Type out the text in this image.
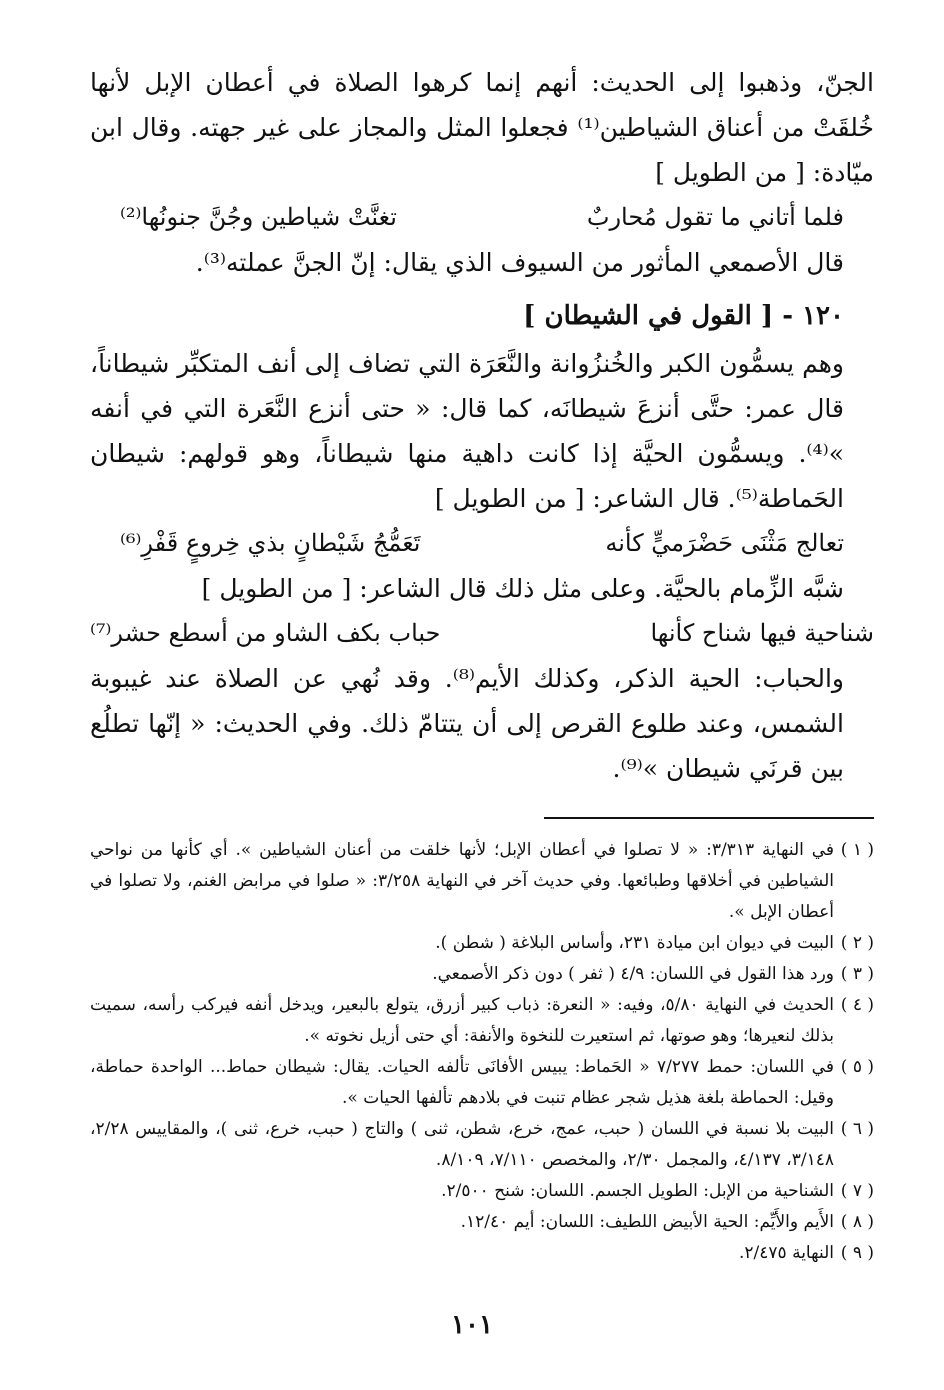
الجنّ، وذهبوا إلى الحديث: أنهم إنما كرهوا الصلاة في أعطان الإبل لأنها خُلقَتْ من أعناق الشياطين⁽¹⁾ فجعلوا المثل والمجاز على غير جهته. وقال ابن ميّادة: [ من الطويل ]

فلما أتاني ما تقول مُحاربٌ
تغنَّتْ شياطين وجُنَّ جنونُها⁽²⁾

قال الأصمعي المأثور من السيوف الذي يقال: إنّ الجنَّ عملته⁽³⁾.

١٢٠ - [ القول في الشيطان ]

وهم يسمُّون الكبر والخُنزُوانة والنَّعَرَة التي تضاف إلى أنف المتكبِّر شيطاناً، قال عمر: حتَّى أنزعَ شيطانَه، كما قال: « حتى أنزع النَّعَرة التي في أنفه »⁽⁴⁾. ويسمُّون الحيَّة إذا كانت داهية منها شيطاناً، وهو قولهم: شيطان الحَماطة⁽⁵⁾. قال الشاعر: [ من الطويل ]

تعالج مَثْنَى حَضْرَميٍّ كأنه
تَعَمُّجُ شَيْطانٍ بذي خِروعٍ قَفْرِ⁽⁶⁾

شبَّه الزِّمام بالحيَّة. وعلى مثل ذلك قال الشاعر: [ من الطويل ]

شناحية فيها شناح كأنها
حباب بكف الشاو من أسطع حشر⁽⁷⁾

والحباب: الحية الذكر، وكذلك الأيم⁽⁸⁾. وقد نُهي عن الصلاة عند غيبوبة الشمس، وعند طلوع القرص إلى أن يتتامّ ذلك. وفي الحديث: « إنّها تطلُع بين قرنَي شيطان »⁽⁹⁾.

( ١ )
في النهاية ٣/٣١٣: « لا تصلوا في أعطان الإبل؛ لأنها خلقت من أعنان الشياطين ». أي كأنها من نواحي الشياطين في أخلاقها وطبائعها. وفي حديث آخر في النهاية ٣/٢٥٨: « صلوا في مرابض الغنم، ولا تصلوا في أعطان الإبل ».
( ٢ )
البيت في ديوان ابن ميادة ٢٣١، وأساس البلاغة ( شطن ).
( ٣ )
ورد هذا القول في اللسان: ٤/٩ ( ثفر ) دون ذكر الأصمعي.
( ٤ )
الحديث في النهاية ٥/٨٠، وفيه: « النعرة: ذباب كبير أزرق، يتولع بالبعير، ويدخل أنفه فيركب رأسه، سميت بذلك لنعيرها؛ وهو صوتها، ثم استعيرت للنخوة والأنفة: أي حتى أزيل نخوته ».
( ٥ )
في اللسان: حمط ٧/٢٧٧ « الحَماط: يبيس الأفانَى تألفه الحيات. يقال: شيطان حماط... الواحدة حماطة، وقيل: الحماطة بلغة هذيل شجر عظام تنبت في بلادهم تألفها الحيات ».
( ٦ )
البيت بلا نسبة في اللسان ( حبب، عمج، خرع، شطن، ثنى ) والتاج ( حبب، خرع، ثنى )، والمقاييس ٢/٢٨، ٣/١٤٨، ٤/١٣٧، والمجمل ٢/٣٠، والمخصص ٧/١١٠، ٨/١٠٩.
( ٧ )
الشناحية من الإبل: الطويل الجسم. اللسان: شنح ٢/٥٠٠.
( ٨ )
الأَيم والأَيِّم: الحية الأبيض اللطيف: اللسان: أيم ١٢/٤٠.
( ٩ )
النهاية ٢/٤٧٥.
١٠١
